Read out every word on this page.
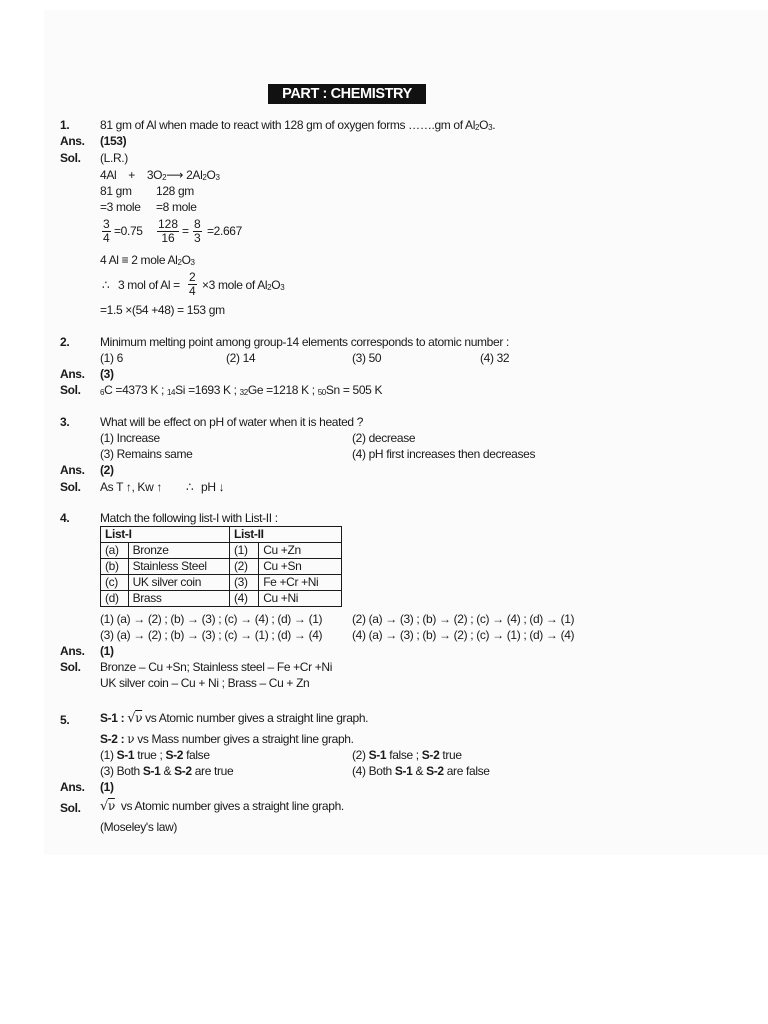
PART : CHEMISTRY
1.	81 gm of Al when made to react with 128 gm of oxygen forms …….gm of $Al_2O_3$.
Ans. (153)
Sol. (L.R.)
$4Al + 3O_2⟶$ $2Al_2O_3$
81 gm 128 gm
=3 mole =8 mole
$\frac{3}{4} =0.75 \frac{128}{16} = \frac{8}{3} =2.667$
4 Al ≡ 2 mole $Al_2O_3$
∴ 3 mol of $Al = \frac{2}{4} \times 3$ mole of $Al_2O_3$
=1.5 ×(54 +48) = 153 gm
2.	Minimum melting point among group-14 elements corresponds to atomic number :
(1) 6	(2) 14	(3) 50	(4) 32
Ans. (3)
Sol. 6C =4373 K ; 14Si =1693 K ; 32Ge =1218 K ; 50Sn = 505 K
3.	What will be effect on pH of water when it is heated ?
(1) Increase	(2) decrease
(3) Remains same	(4) pH first increases then decreases
Ans. (2)
Sol. As T ↑, Kw ↑ ∴ pH ↓
4.	Match the following list-I with List-II :
List-I		List-II	
(a)	Bronze	(1)	Cu +Zn
(b)	Stainless Steel	(2)	Cu +Sn
(c)	UK silver coin	(3)	Fe +Cr +Ni
(d)	Brass	(4)	Cu +Ni
(1) (a) → (2) ; (b) → (3) ; (c) → (4) ; (d) → (1) (2) (a) → (3) ; (b) → (2) ; (c) → (4) ; (d) → (1)
(3) (a) → (2) ; (b) → (3) ; (c) → (1) ; (d) → (4) (4) (a) → (3) ; (b) → (2) ; (c) → (1) ; (d) → (4)
Ans. (1)
Sol. Bronze – Cu +Sn; Stainless steel – Fe +Cr +Ni
UK silver coin – Cu + Ni ; Brass – Cu + Zn
5.	S-1 : √ν vs Atomic number gives a straight line graph.
S-2 : ν vs Mass number gives a straight line graph.
(1) S-1 true ; S-2 false	(2) S-1 false ; S-2 true
(3) Both S-1 & S-2 are true	(4) Both S-1 & S-2 are false
Ans. (1)
Sol. √ν vs Atomic number gives a straight line graph.
(Moseley's law)
